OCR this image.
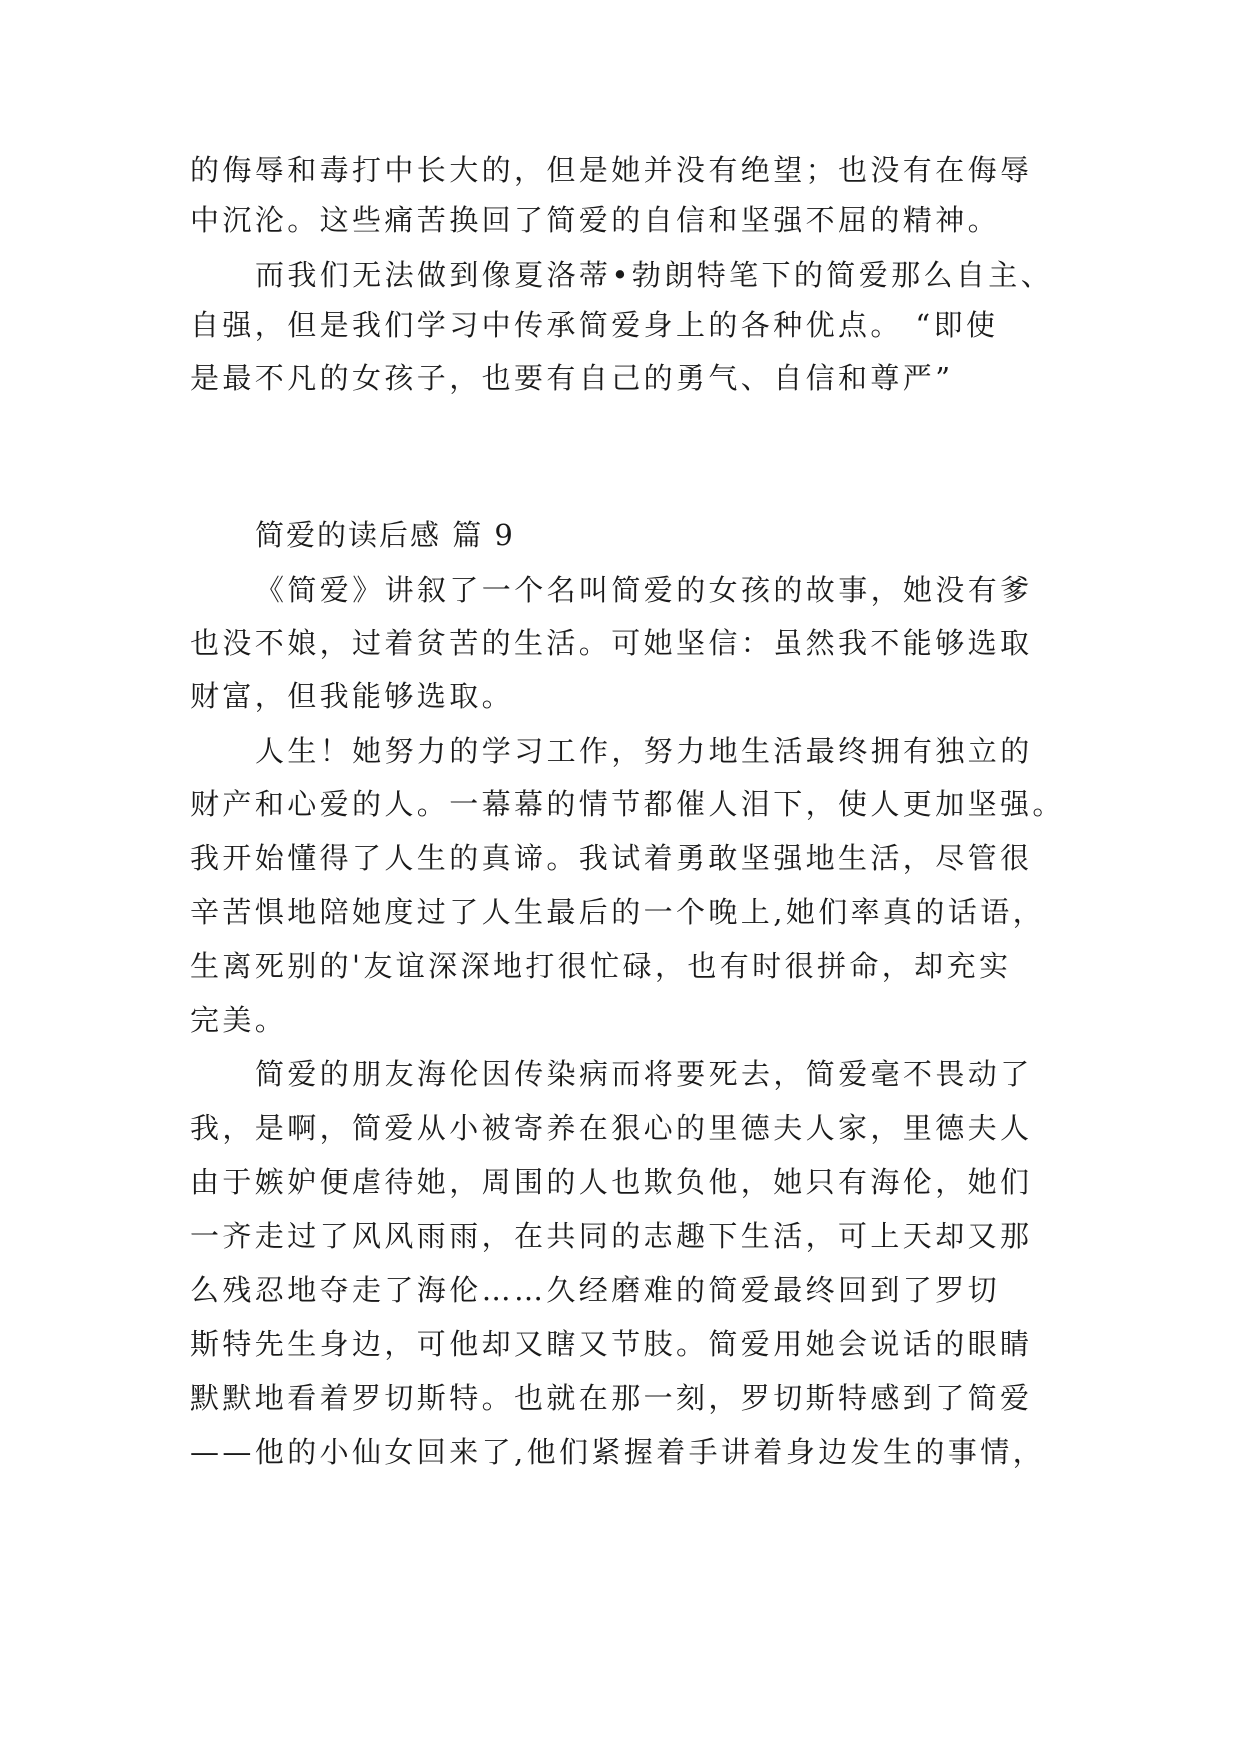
的侮辱和毒打中长大的，但是她并没有绝望；也没有在侮辱
中沉沦。这些痛苦换回了简爱的自信和坚强不屈的精神。
而我们无法做到像夏洛蒂•勃朗特笔下的简爱那么自主、
自强，但是我们学习中传承简爱身上的各种优点。 “即使
是最不凡的女孩子，也要有自己的勇气、自信和尊严”
简爱的读后感 篇 9
《简爱》讲叙了一个名叫简爱的女孩的故事，她没有爹
也没不娘，过着贫苦的生活。可她坚信：虽然我不能够选取
财富，但我能够选取。
人生！她努力的学习工作，努力地生活最终拥有独立的
财产和心爱的人。一幕幕的情节都催人泪下，使人更加坚强。
我开始懂得了人生的真谛。我试着勇敢坚强地生活，尽管很
辛苦惧地陪她度过了人生最后的一个晚上,她们率真的话语，
生离死别的'友谊深深地打很忙碌，也有时很拼命，却充实
完美。
简爱的朋友海伦因传染病而将要死去，简爱毫不畏动了
我，是啊，简爱从小被寄养在狠心的里德夫人家，里德夫人
由于嫉妒便虐待她，周围的人也欺负他，她只有海伦，她们
一齐走过了风风雨雨，在共同的志趣下生活，可上天却又那
么残忍地夺走了海伦……久经磨难的简爱最终回到了罗切
斯特先生身边，可他却又瞎又节肢。简爱用她会说话的眼睛
默默地看着罗切斯特。也就在那一刻，罗切斯特感到了简爱
——他的小仙女回来了,他们紧握着手讲着身边发生的事情，
